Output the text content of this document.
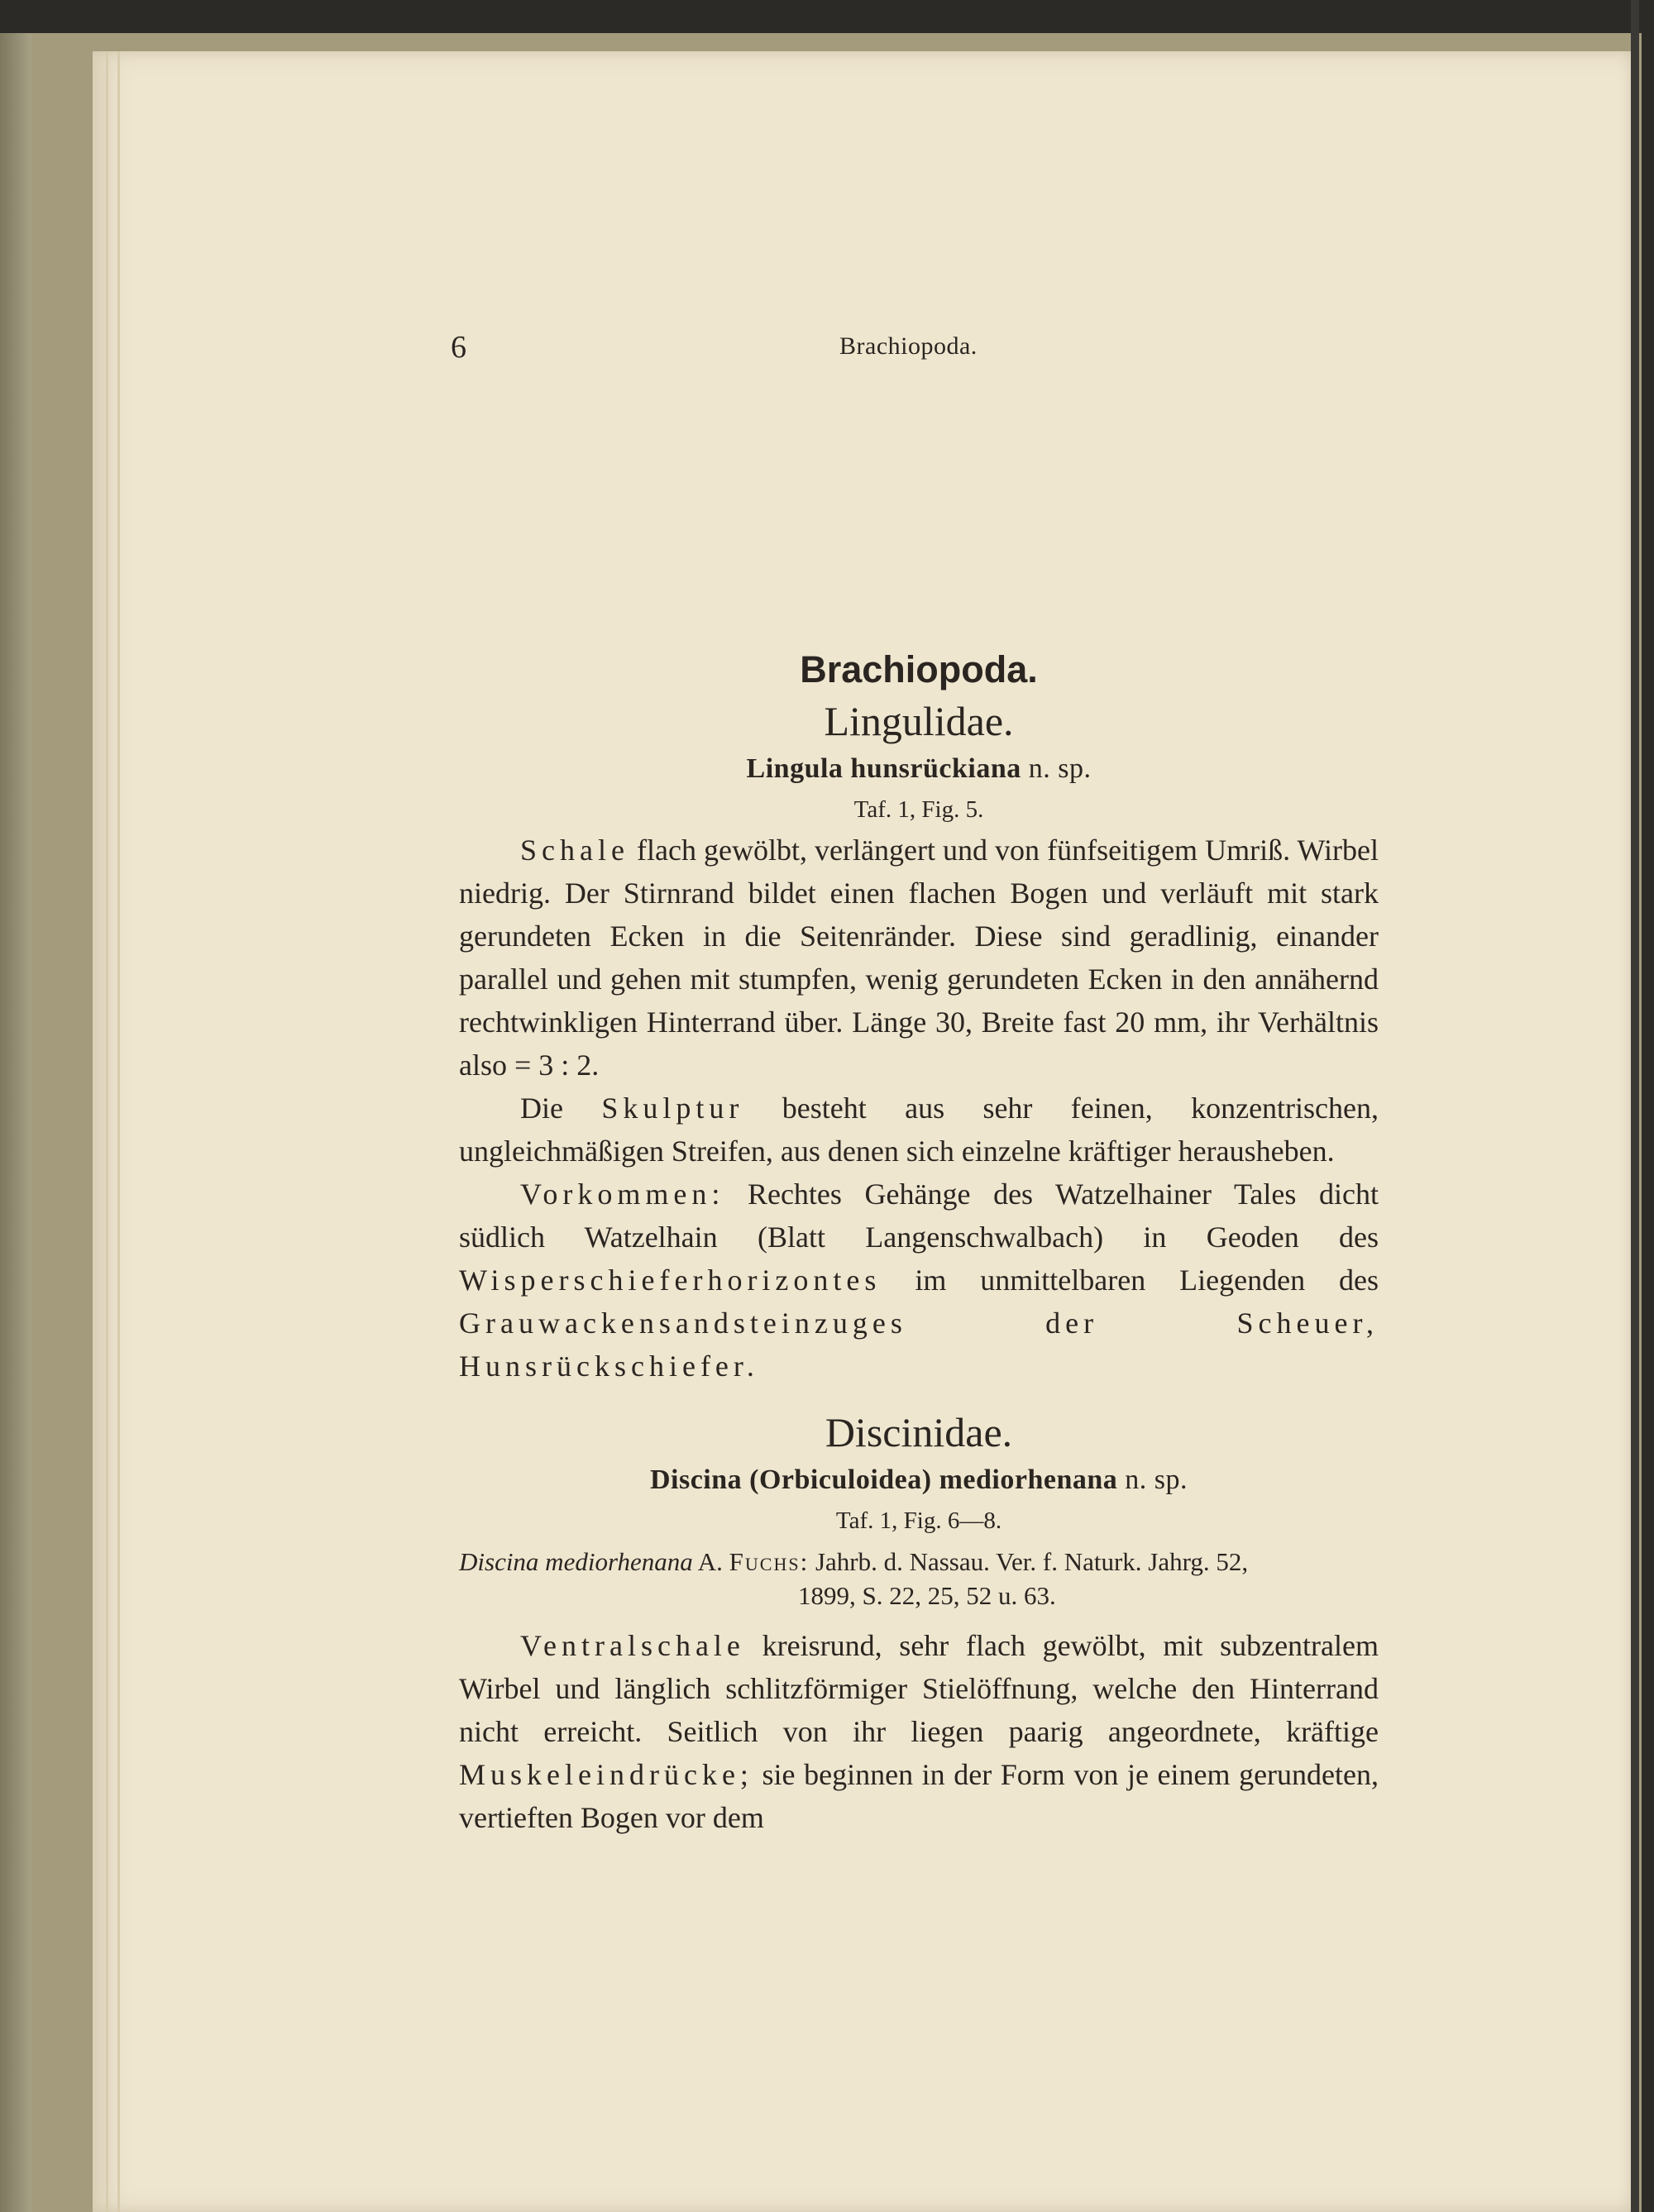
6	Brachiopoda.

Brachiopoda.

Lingulidae.

Lingula hunsrückiana n. sp.

Taf. 1, Fig. 5.

Schale flach gewölbt, verlängert und von fünfseitigem Umriß. Wirbel niedrig. Der Stirnrand bildet einen flachen Bogen und verläuft mit stark gerundeten Ecken in die Seitenränder. Diese sind geradlinig, einander parallel und gehen mit stumpfen, wenig gerundeten Ecken in den annähernd rechtwinkligen Hinterrand über. Länge 30, Breite fast 20 mm, ihr Verhältnis also = 3 : 2.

Die Skulptur besteht aus sehr feinen, konzentrischen, ungleichmäßigen Streifen, aus denen sich einzelne kräftiger herausheben.

Vorkommen: Rechtes Gehänge des Watzelhainer Tales dicht südlich Watzelhain (Blatt Langenschwalbach) in Geoden des Wisperschieferhorizontes im unmittelbaren Liegenden des Grauwackensandsteinzuges der Scheuer, Hunsrückschiefer.

Discinidae.

Discina (Orbiculoidea) mediorhenana n. sp.

Taf. 1, Fig. 6—8.

Discina mediorhenana A. Fuchs: Jahrb. d. Nassau. Ver. f. Naturk. Jahrg. 52,
1899, S. 22, 25, 52 u. 63.

Ventralschale kreisrund, sehr flach gewölbt, mit subzentralem Wirbel und länglich schlitzförmiger Stielöffnung, welche den Hinterrand nicht erreicht. Seitlich von ihr liegen paarig angeordnete, kräftige Muskeleindrücke; sie beginnen in der Form von je einem gerundeten, vertieften Bogen vor dem
